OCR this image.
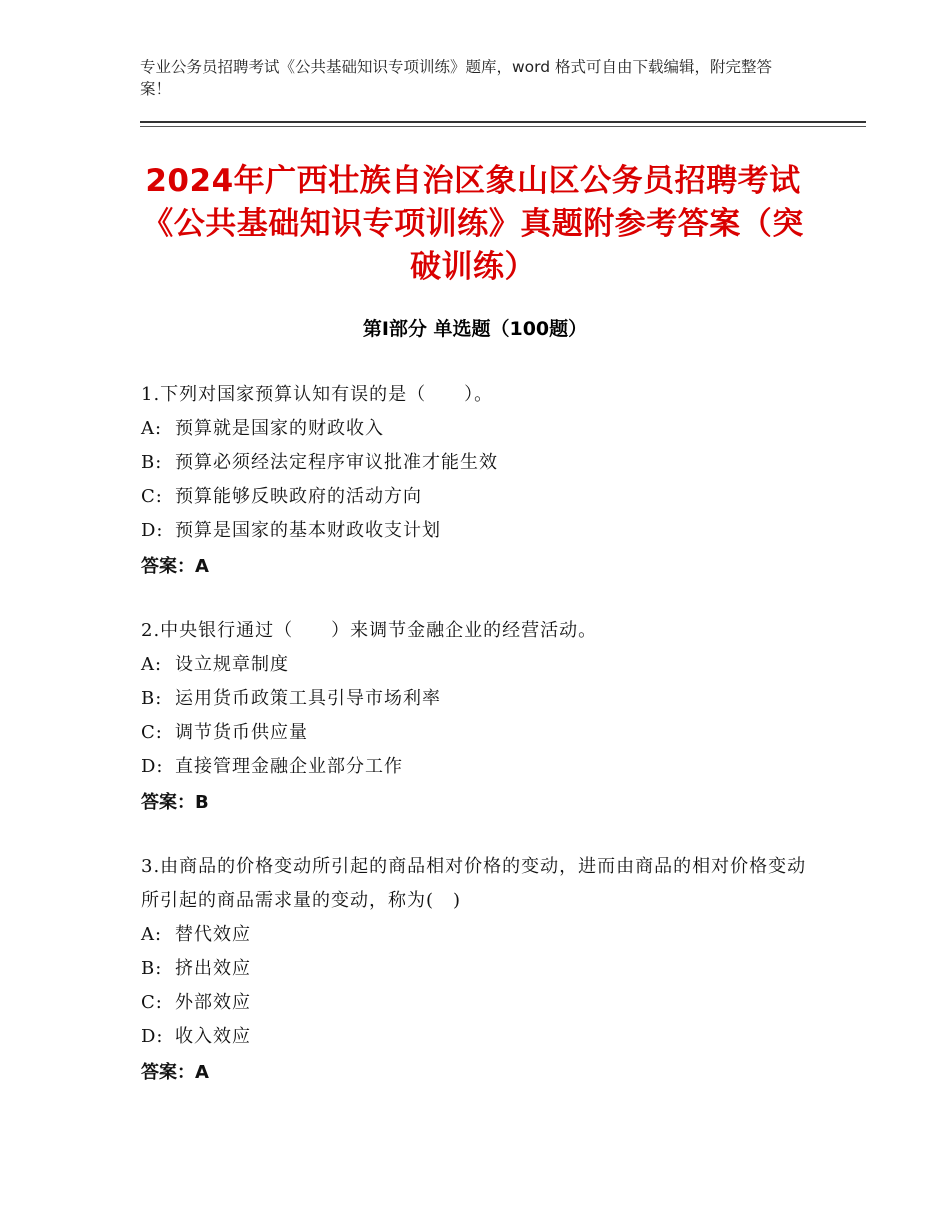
专业公务员招聘考试《公共基础知识专项训练》题库，word 格式可自由下载编辑，附完整答案！
2024年广西壮族自治区象山区公务员招聘考试《公共基础知识专项训练》真题附参考答案（突破训练）
第Ⅰ部分 单选题（100题）
1.下列对国家预算认知有误的是（　　）。
A: 预算就是国家的财政收入
B: 预算必须经法定程序审议批准才能生效
C: 预算能够反映政府的活动方向
D: 预算是国家的基本财政收支计划
答案：A
2.中央银行通过（　　）来调节金融企业的经营活动。
A: 设立规章制度
B: 运用货币政策工具引导市场利率
C: 调节货币供应量
D: 直接管理金融企业部分工作
答案：B
3.由商品的价格变动所引起的商品相对价格的变动，进而由商品的相对价格变动所引起的商品需求量的变动，称为(　)
A: 替代效应
B: 挤出效应
C: 外部效应
D: 收入效应
答案：A
